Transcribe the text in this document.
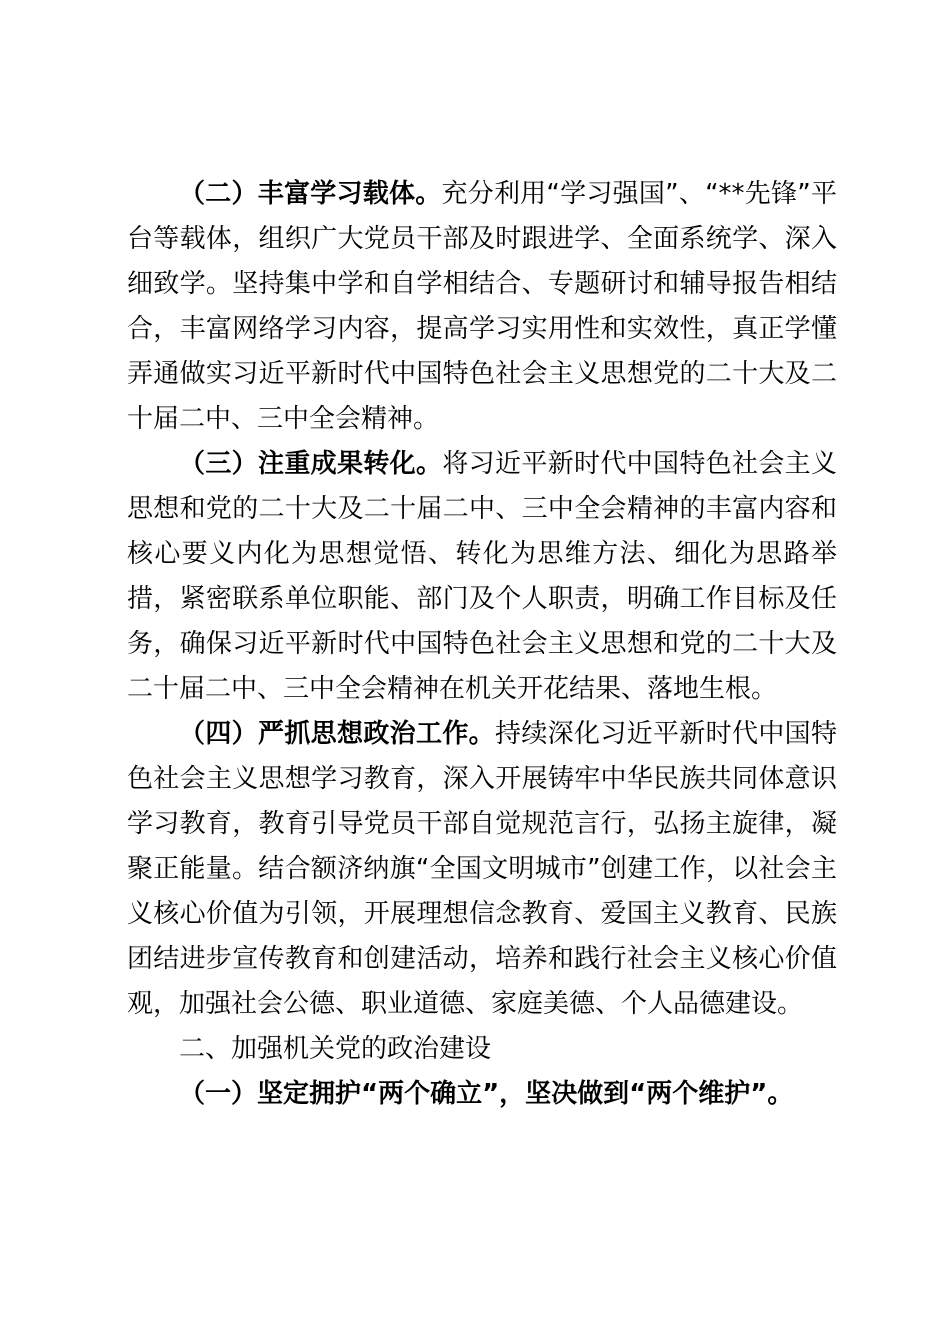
（二）丰富学习载体。充分利用“学习强国”、“**先锋”平台等载体，组织广大党员干部及时跟进学、全面系统学、深入细致学。坚持集中学和自学相结合、专题研讨和辅导报告相结合，丰富网络学习内容，提高学习实用性和实效性，真正学懂弄通做实习近平新时代中国特色社会主义思想党的二十大及二十届二中、三中全会精神。

（三）注重成果转化。将习近平新时代中国特色社会主义思想和党的二十大及二十届二中、三中全会精神的丰富内容和核心要义内化为思想觉悟、转化为思维方法、细化为思路举措，紧密联系单位职能、部门及个人职责，明确工作目标及任务，确保习近平新时代中国特色社会主义思想和党的二十大及二十届二中、三中全会精神在机关开花结果、落地生根。

（四）严抓思想政治工作。持续深化习近平新时代中国特色社会主义思想学习教育，深入开展铸牢中华民族共同体意识学习教育，教育引导党员干部自觉规范言行，弘扬主旋律，凝聚正能量。结合额济纳旗“全国文明城市”创建工作，以社会主义核心价值为引领，开展理想信念教育、爱国主义教育、民族团结进步宣传教育和创建活动，培养和践行社会主义核心价值观，加强社会公德、职业道德、家庭美德、个人品德建设。

二、加强机关党的政治建设

（一）坚定拥护“两个确立”，坚决做到“两个维护”。
